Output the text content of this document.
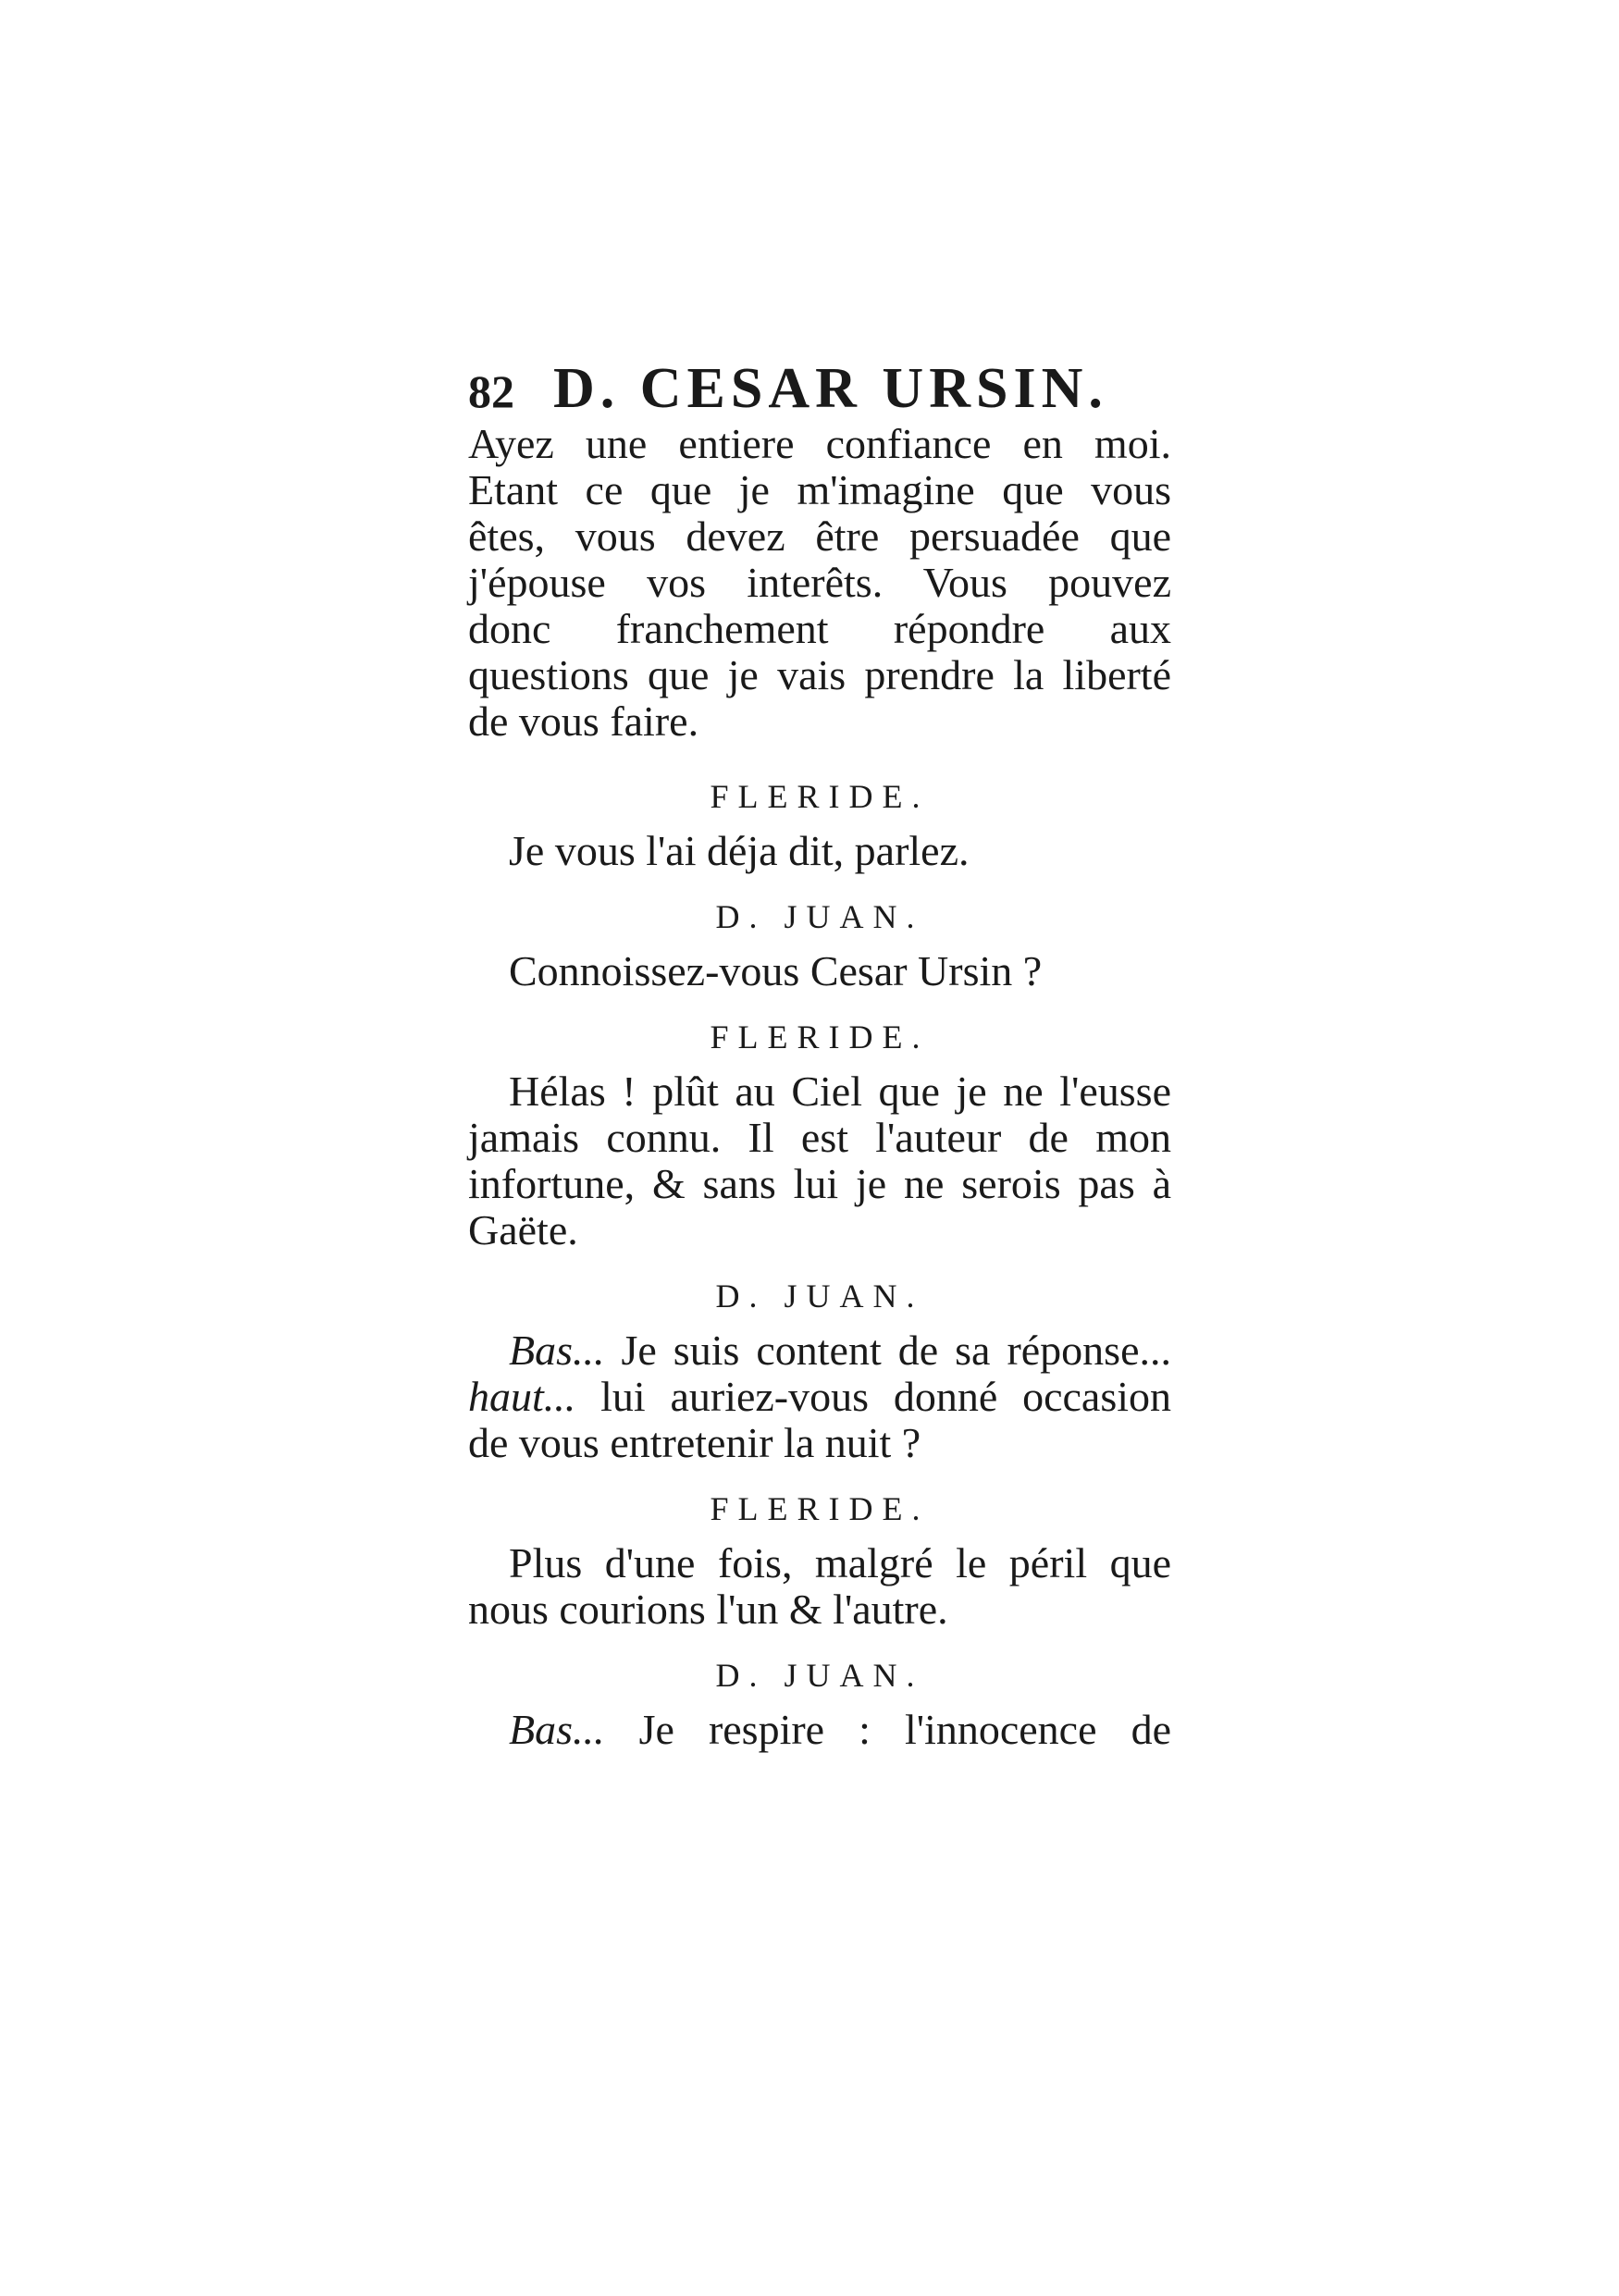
82 D. CESAR URSIN.
Ayez une entiere confiance en moi.
Etant ce que je m'imagine que vous
êtes, vous devez être persuadée que
j'épouse vos interêts. Vous pouvez
donc franchement répondre aux
questions que je vais prendre la liberté
de vous faire.
FLERIDE.
Je vous l'ai déja dit, parlez.
D. JUAN.
Connoissez-vous Cesar Ursin ?
FLERIDE.
Hélas ! plût au Ciel que je ne l'eusse
jamais connu. Il est l'auteur de mon
infortune, & sans lui je ne serois pas à
Gaëte.
D. JUAN.
Bas... Je suis content de sa réponse...
haut... lui auriez-vous donné occasion
de vous entretenir la nuit ?
FLERIDE.
Plus d'une fois, malgré le péril que
nous courions l'un & l'autre.
D. JUAN.
Bas... Je respire : l'innocence de
